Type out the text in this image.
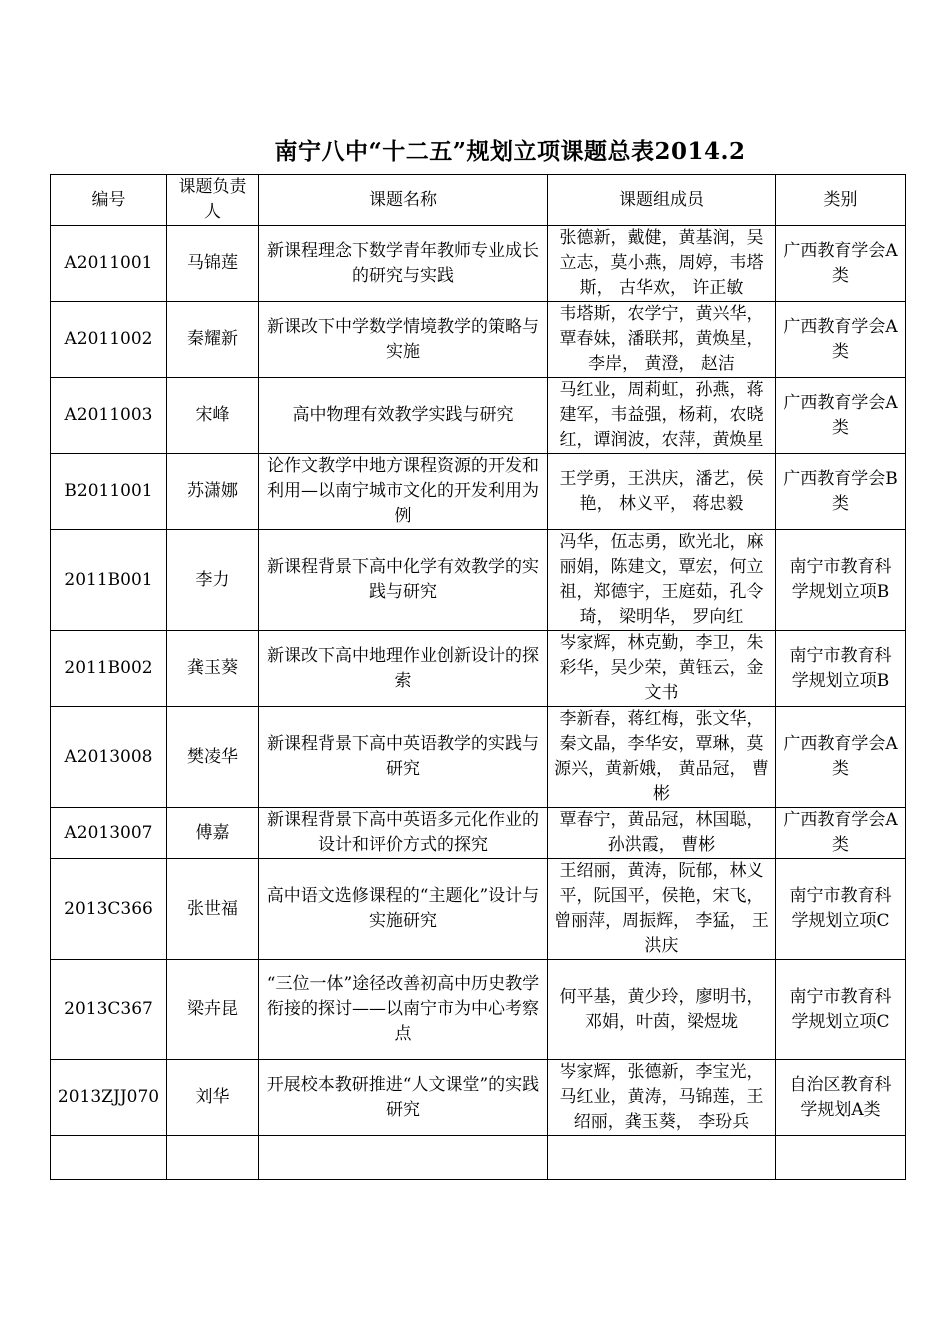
南宁八中“十二五”规划立项课题总表2014.2
编号	课题负责人	课题名称	课题组成员	类别
A2011001	马锦莲	新课程理念下数学青年教师专业成长的研究与实践	张德新，戴健，黄基润，吴立志，莫小燕，周婷，韦塔斯， 古华欢， 许正敏	广西教育学会A类
A2011002	秦耀新	新课改下中学数学情境教学的策略与实施	韦塔斯，农学宁，黄兴华，覃春妹，潘联邦，黄焕星，李岸， 黄澄， 赵洁	广西教育学会A类
A2011003	宋峰	高中物理有效教学实践与研究	马红业，周莉虹，孙燕，蒋建军，韦益强，杨莉，农晓红，谭润波，农萍，黄焕星	广西教育学会A类
B2011001	苏潇娜	论作文教学中地方课程资源的开发和利用—以南宁城市文化的开发利用为例	王学勇，王洪庆，潘艺，侯艳， 林义平， 蒋忠毅	广西教育学会B类
2011B001	李力	新课程背景下高中化学有效教学的实践与研究	冯华，伍志勇，欧光北，麻丽娟，陈建文，覃宏，何立祖，郑德宇，王庭茹，孔令琦， 梁明华， 罗向红	南宁市教育科学规划立项B
2011B002	龚玉葵	新课改下高中地理作业创新设计的探索	岑家辉，林克勤，李卫，朱彩华，吴少荣，黄钰云，金文书	南宁市教育科学规划立项B
A2013008	樊凌华	新课程背景下高中英语教学的实践与研究	李新春，蒋红梅，张文华，秦文晶，李华安，覃琳，莫源兴，黄新娥， 黄品冠， 曹彬	广西教育学会A类
A2013007	傅嘉	新课程背景下高中英语多元化作业的设计和评价方式的探究	覃春宁，黄品冠，林国聪，孙洪霞， 曹彬	广西教育学会A类
2013C366	张世福	高中语文选修课程的“主题化”设计与实施研究	王绍丽，黄涛，阮郁，林义平，阮国平，侯艳，宋飞，曾丽萍，周振辉， 李猛， 王洪庆	南宁市教育科学规划立项C
2013C367	梁卉昆	“三位一体”途径改善初高中历史教学衔接的探讨——以南宁市为中心考察点	何平基，黄少玲，廖明书，邓娟，叶茵，梁煜垅	南宁市教育科学规划立项C
2013ZJJ070	刘华	开展校本教研推进“人文课堂”的实践研究	岑家辉，张德新，李宝光，马红业，黄涛，马锦莲，王绍丽，龚玉葵， 李玢兵	自治区教育科学规划A类
